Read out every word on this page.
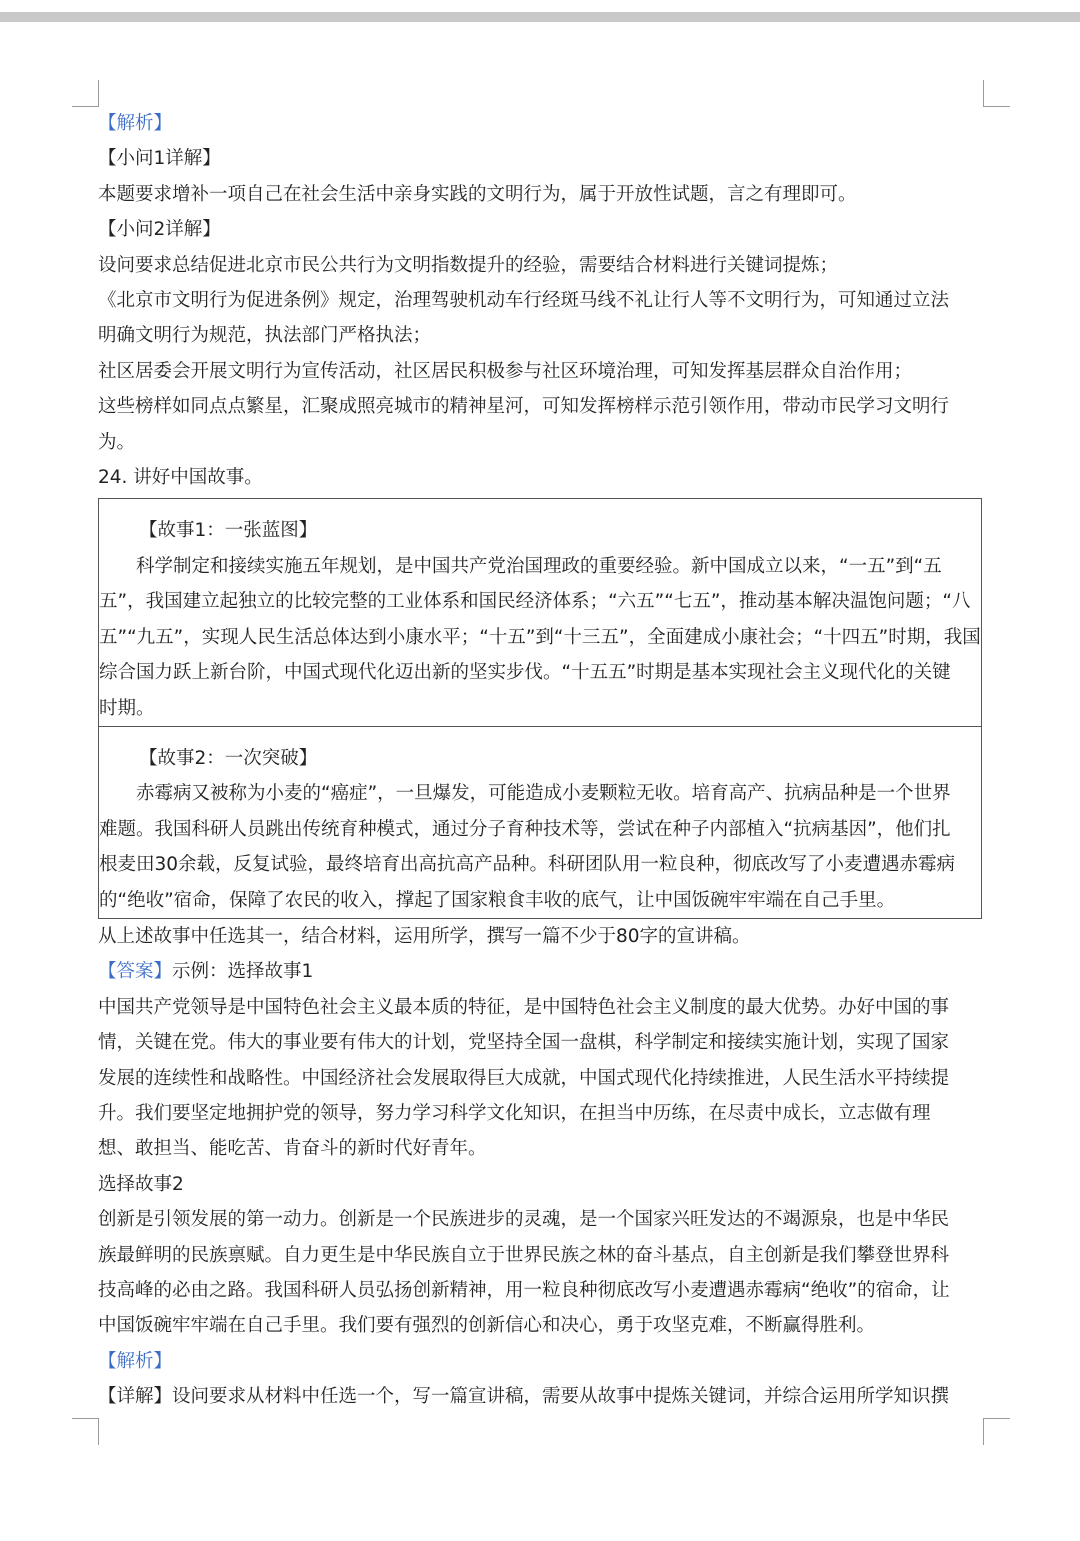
【解析】
【小问1详解】
本题要求增补一项自己在社会生活中亲身实践的文明行为，属于开放性试题，言之有理即可。
【小问2详解】
设问要求总结促进北京市民公共行为文明指数提升的经验，需要结合材料进行关键词提炼；
《北京市文明行为促进条例》规定，治理驾驶机动车行经斑马线不礼让行人等不文明行为，可知通过立法
明确文明行为规范，执法部门严格执法；
社区居委会开展文明行为宣传活动，社区居民积极参与社区环境治理，可知发挥基层群众自治作用；
这些榜样如同点点繁星，汇聚成照亮城市的精神星河，可知发挥榜样示范引领作用，带动市民学习文明行
为。
24. 讲好中国故事。
【故事1：一张蓝图】
科学制定和接续实施五年规划，是中国共产党治国理政的重要经验。新中国成立以来，“一五”到“五
五”，我国建立起独立的比较完整的工业体系和国民经济体系；“六五”“七五”，推动基本解决温饱问题；“八
五”“九五”，实现人民生活总体达到小康水平；“十五”到“十三五”，全面建成小康社会；“十四五”时期，我国
综合国力跃上新台阶，中国式现代化迈出新的坚实步伐。“十五五”时期是基本实现社会主义现代化的关键
时期。
【故事2：一次突破】
赤霉病又被称为小麦的“癌症”，一旦爆发，可能造成小麦颗粒无收。培育高产、抗病品种是一个世界
难题。我国科研人员跳出传统育种模式，通过分子育种技术等，尝试在种子内部植入“抗病基因”，他们扎
根麦田30余载，反复试验，最终培育出高抗高产品种。科研团队用一粒良种，彻底改写了小麦遭遇赤霉病
的“绝收”宿命，保障了农民的收入，撑起了国家粮食丰收的底气，让中国饭碗牢牢端在自己手里。
从上述故事中任选其一，结合材料，运用所学，撰写一篇不少于80字的宣讲稿。
【答案】示例：选择故事1
中国共产党领导是中国特色社会主义最本质的特征，是中国特色社会主义制度的最大优势。办好中国的事
情，关键在党。伟大的事业要有伟大的计划，党坚持全国一盘棋，科学制定和接续实施计划，实现了国家
发展的连续性和战略性。中国经济社会发展取得巨大成就，中国式现代化持续推进，人民生活水平持续提
升。我们要坚定地拥护党的领导，努力学习科学文化知识，在担当中历练，在尽责中成长，立志做有理
想、敢担当、能吃苦、肯奋斗的新时代好青年。
选择故事2
创新是引领发展的第一动力。创新是一个民族进步的灵魂，是一个国家兴旺发达的不竭源泉，也是中华民
族最鲜明的民族禀赋。自力更生是中华民族自立于世界民族之林的奋斗基点，自主创新是我们攀登世界科
技高峰的必由之路。我国科研人员弘扬创新精神，用一粒良种彻底改写小麦遭遇赤霉病“绝收”的宿命，让
中国饭碗牢牢端在自己手里。我们要有强烈的创新信心和决心，勇于攻坚克难，不断赢得胜利。
【解析】
【详解】设问要求从材料中任选一个，写一篇宣讲稿，需要从故事中提炼关键词，并综合运用所学知识撰
